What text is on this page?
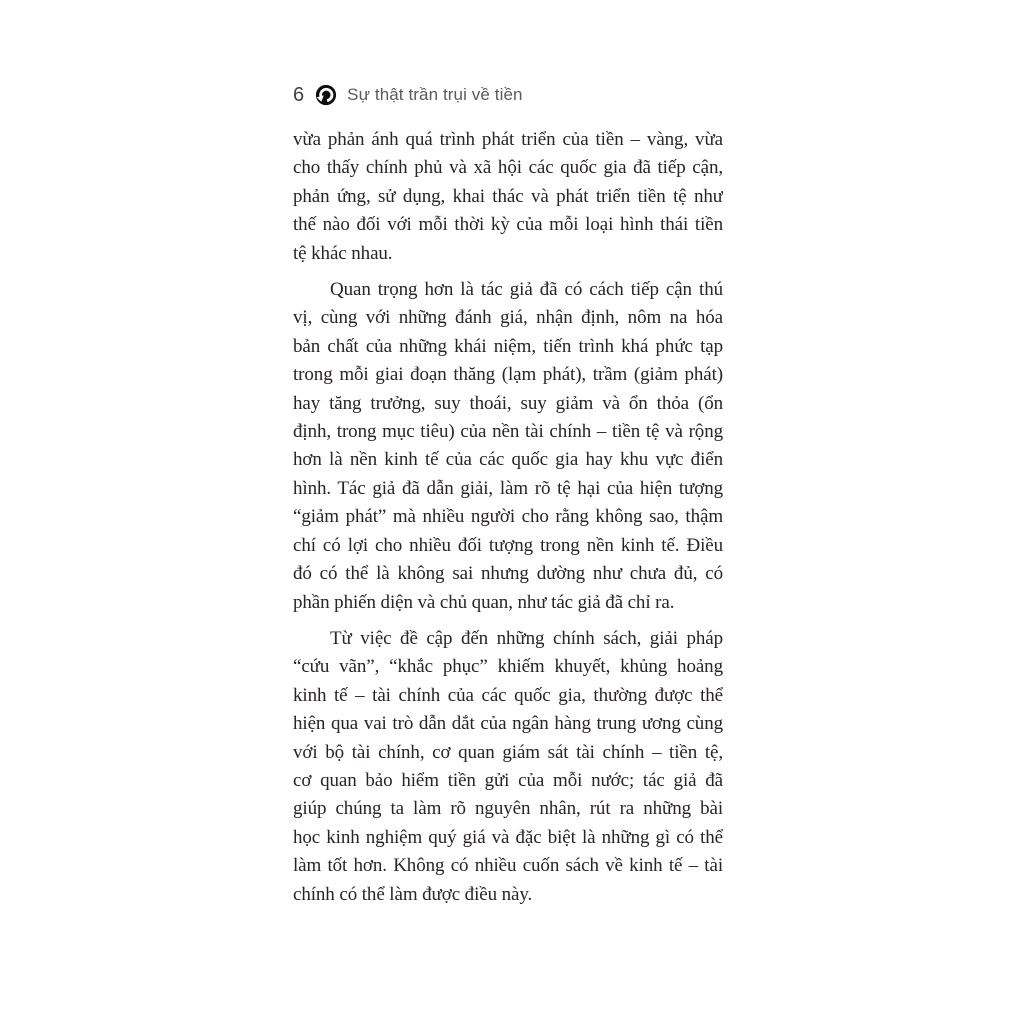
6	Sự thật trần trụi về tiền
vừa phản ánh quá trình phát triển của tiền – vàng, vừa
cho thấy chính phủ và xã hội các quốc gia đã tiếp cận,
phản ứng, sử dụng, khai thác và phát triển tiền tệ như
thế nào đối với mỗi thời kỳ của mỗi loại hình thái tiền
tệ khác nhau.
Quan trọng hơn là tác giả đã có cách tiếp cận thú
vị, cùng với những đánh giá, nhận định, nôm na hóa
bản chất của những khái niệm, tiến trình khá phức tạp
trong mỗi giai đoạn thăng (lạm phát), trầm (giảm phát)
hay tăng trưởng, suy thoái, suy giảm và ổn thỏa (ổn
định, trong mục tiêu) của nền tài chính – tiền tệ và rộng
hơn là nền kinh tế của các quốc gia hay khu vực điển
hình. Tác giả đã dẫn giải, làm rõ tệ hại của hiện tượng
“giảm phát” mà nhiều người cho rằng không sao, thậm
chí có lợi cho nhiều đối tượng trong nền kinh tế. Điều
đó có thể là không sai nhưng dường như chưa đủ, có
phần phiến diện và chủ quan, như tác giả đã chỉ ra.
Từ việc đề cập đến những chính sách, giải pháp
“cứu vãn”, “khắc phục” khiếm khuyết, khủng hoảng
kinh tế – tài chính của các quốc gia, thường được thể
hiện qua vai trò dẫn dắt của ngân hàng trung ương cùng
với bộ tài chính, cơ quan giám sát tài chính – tiền tệ,
cơ quan bảo hiểm tiền gửi của mỗi nước; tác giả đã
giúp chúng ta làm rõ nguyên nhân, rút ra những bài
học kinh nghiệm quý giá và đặc biệt là những gì có thể
làm tốt hơn. Không có nhiều cuốn sách về kinh tế – tài
chính có thể làm được điều này.
